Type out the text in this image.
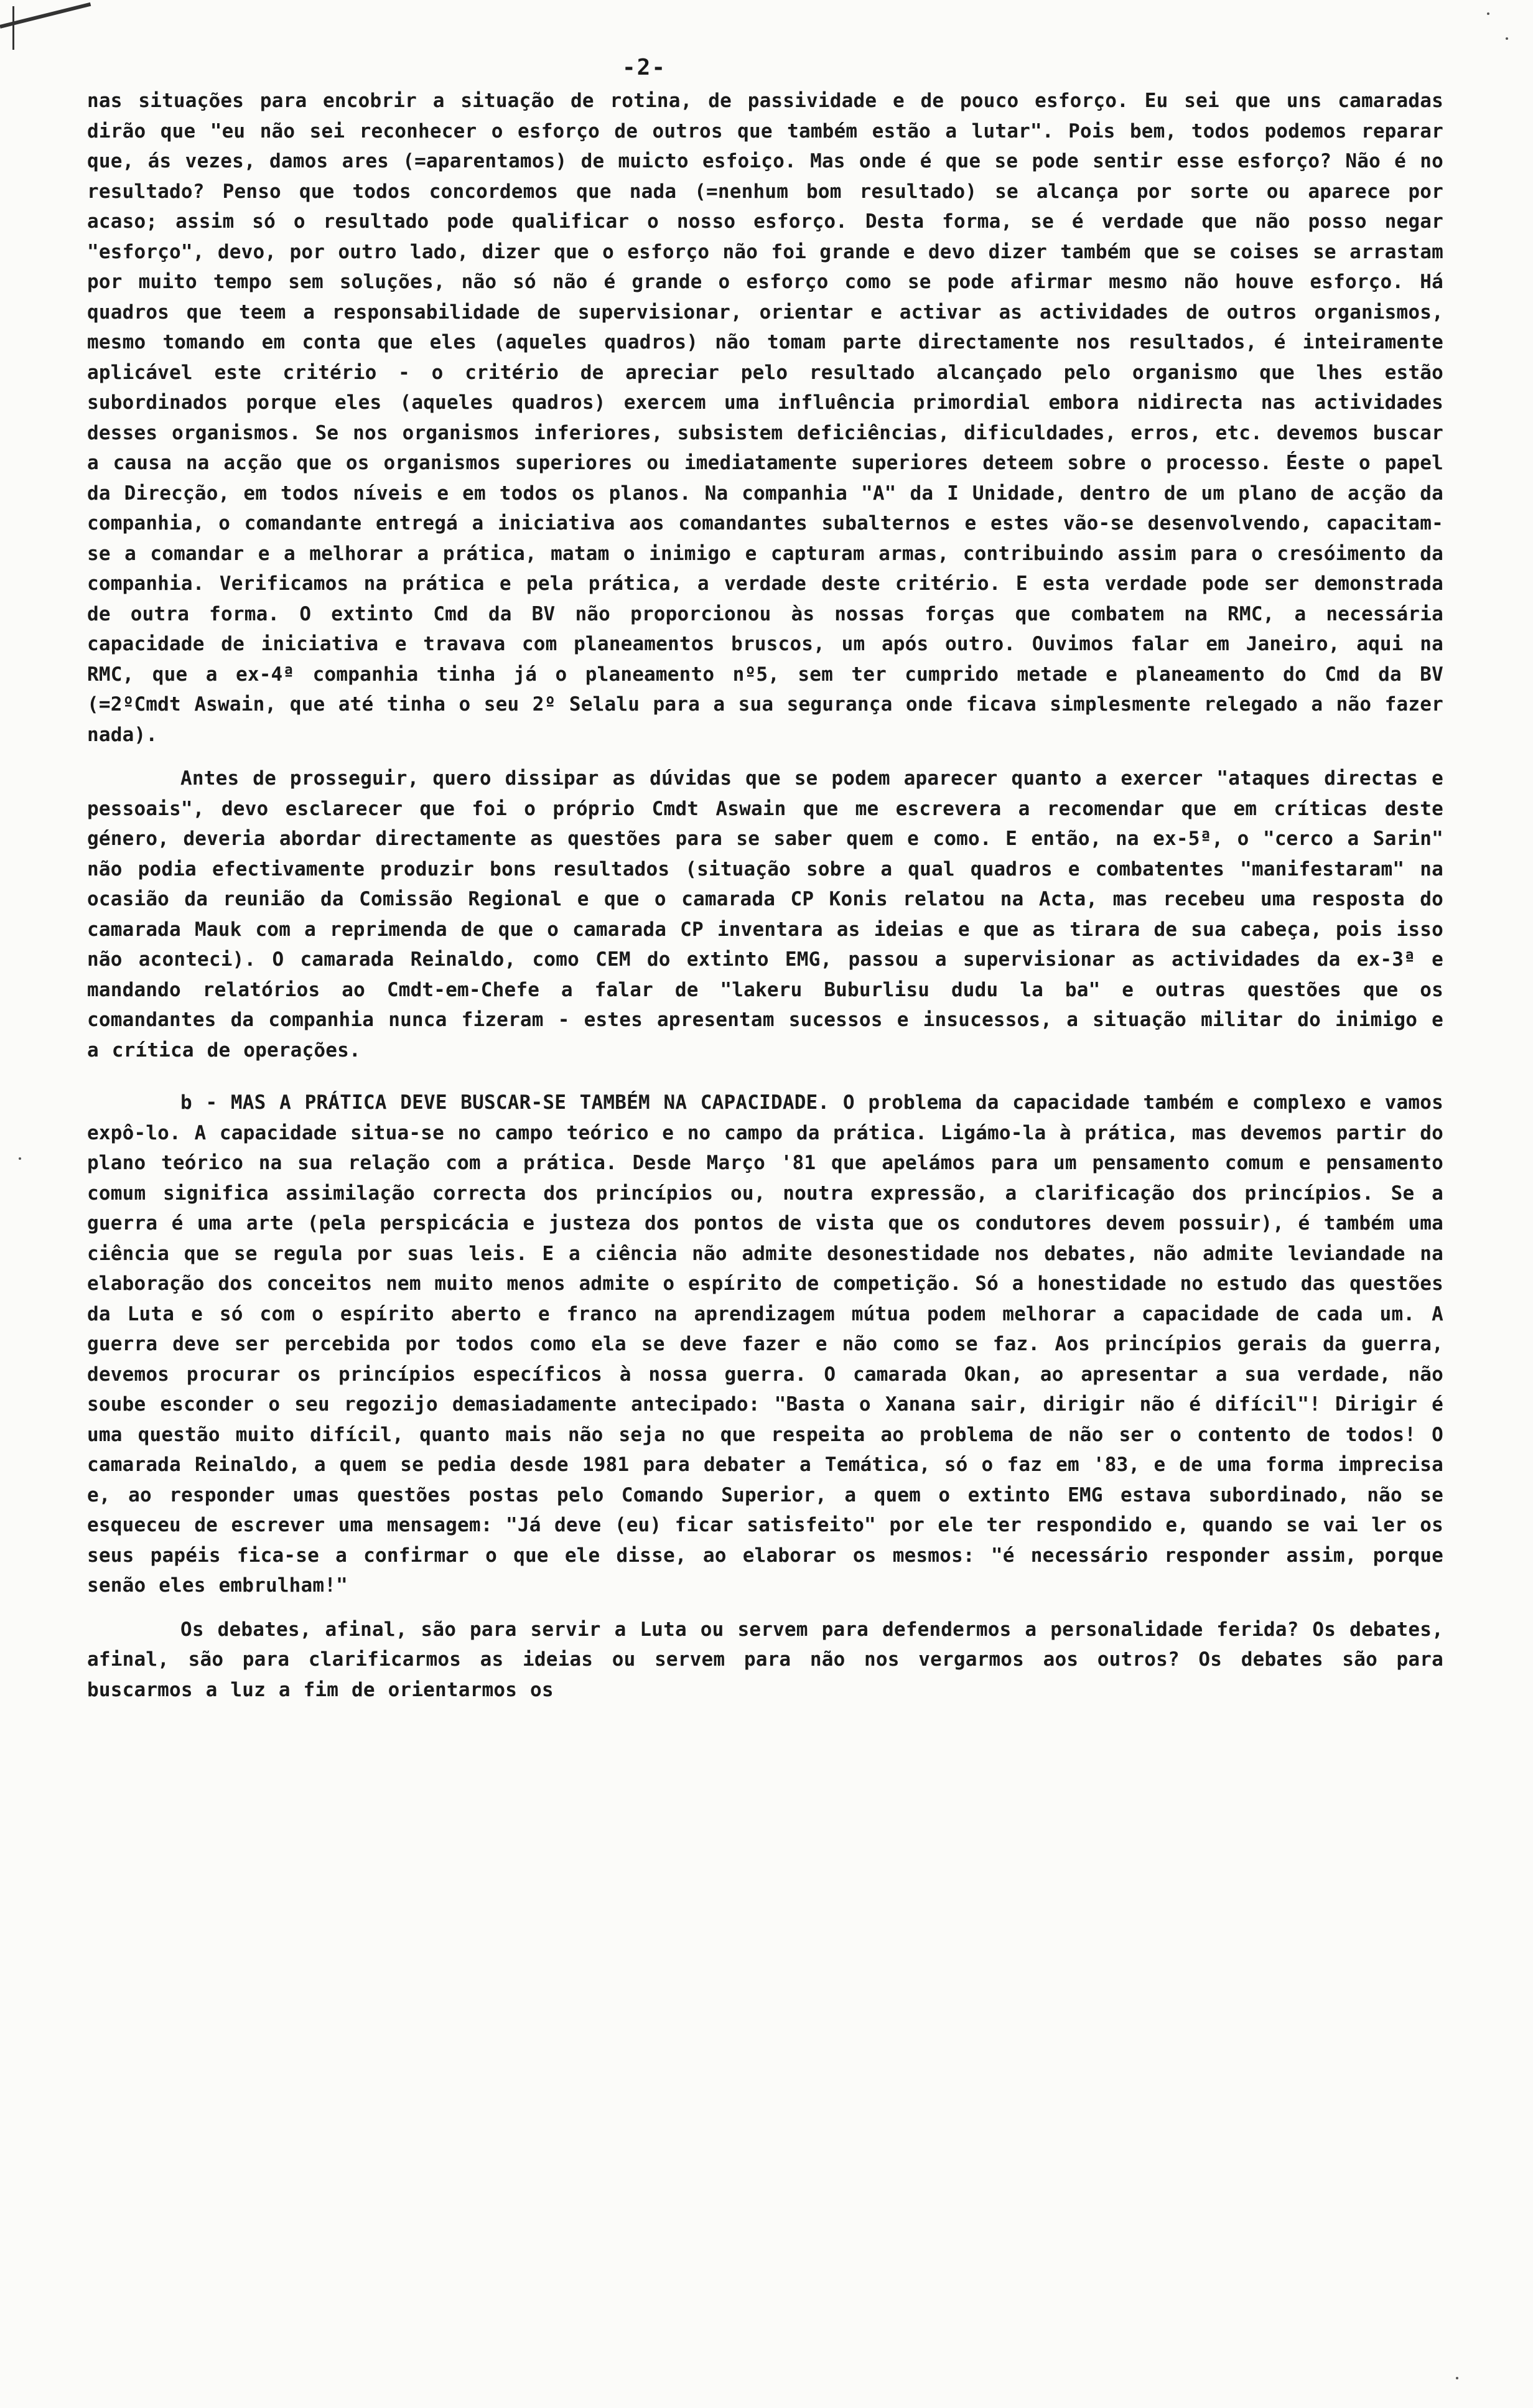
-2-

nas situações para encobrir a situação de rotina, de passividade e de pouco esforço. Eu sei que uns camaradas dirão que "eu não sei reconhecer o esforço de outros que também estão a lutar". Pois bem, todos podemos reparar que, ás vezes, damos ares (=aparentamos) de muicto esfoiço. Mas onde é que se pode sentir esse esforço? Não é no resultado? Penso que todos concordemos que nada (=nenhum bom resultado) se alcança por sorte ou aparece por acaso; assim só o resultado pode qualificar o nosso esforço. Desta forma, se é verdade que não posso negar "esforço", devo, por outro lado, dizer que o esforço não foi grande e devo dizer também que se coises se arrastam por muito tempo sem soluções, não só não é grande o esforço como se pode afirmar mesmo não houve esforço. Há quadros que teem a responsabilidade de supervisionar, orientar e activar as actividades de outros organismos, mesmo tomando em conta que eles (aqueles quadros) não tomam parte directamente nos resultados, é inteiramente aplicável este critério - o critério de apreciar pelo resultado alcançado pelo organismo que lhes estão subordinados porque eles (aqueles quadros) exercem uma influência primordial embora nidirecta nas actividades desses organismos. Se nos organismos inferiores, subsistem deficiências, dificuldades, erros, etc. devemos buscar a causa na acção que os organismos superiores ou imediatamente superiores deteem sobre o processo. Éeste o papel da Direcção, em todos níveis e em todos os planos. Na companhia "A" da I Unidade, dentro de um plano de acção da companhia, o comandante entregá a iniciativa aos comandantes subalternos e estes vão-se desenvolvendo, capacitam-se a comandar e a melhorar a prática, matam o inimigo e capturam armas, contribuindo assim para o cresóimento da companhia. Verificamos na prática e pela prática, a verdade deste critério. E esta verdade pode ser demonstrada de outra forma. O extinto Cmd da BV não proporcionou às nossas forças que combatem na RMC, a necessária capacidade de iniciativa e travava com planeamentos bruscos, um após outro. Ouvimos falar em Janeiro, aqui na RMC, que a ex-4ª companhia tinha já o planeamento nº5, sem ter cumprido metade e planeamento do Cmd da BV (=2ºCmdt Aswain, que até tinha o seu 2º Selalu para a sua segurança onde ficava simplesmente relegado a não fazer nada).

Antes de prosseguir, quero dissipar as dúvidas que se podem aparecer quanto a exercer "ataques directas e pessoais", devo esclarecer que foi o próprio Cmdt Aswain que me escrevera a recomendar que em críticas deste género, deveria abordar directamente as questões para se saber quem e como. E então, na ex-5ª, o "cerco a Sarin" não podia efectivamente produzir bons resultados (situação sobre a qual quadros e combatentes "manifestaram" na ocasião da reunião da Comissão Regional e que o camarada CP Konis relatou na Acta, mas recebeu uma resposta do camarada Mauk com a reprimenda de que o camarada CP inventara as ideias e que as tirara de sua cabeça, pois isso não aconteci). O camarada Reinaldo, como CEM do extinto EMG, passou a supervisionar as actividades da ex-3ª e mandando relatórios ao Cmdt-em-Chefe a falar de "lakeru Buburlisu dudu la ba" e outras questões que os comandantes da companhia nunca fizeram - estes apresentam sucessos e insucessos, a situação militar do inimigo e a crítica de operações.

b - MAS A PRÁTICA DEVE BUSCAR-SE TAMBÉM NA CAPACIDADE. O problema da capacidade também e complexo e vamos expô-lo. A capacidade situa-se no campo teórico e no campo da prática. Ligámo-la à prática, mas devemos partir do plano teórico na sua relação com a prática. Desde Março '81 que apelámos para um pensamento comum e pensamento comum significa assimilação correcta dos princípios ou, noutra expressão, a clarificação dos princípios. Se a guerra é uma arte (pela perspicácia e justeza dos pontos de vista que os condutores devem possuir), é também uma ciência que se regula por suas leis. E a ciência não admite desonestidade nos debates, não admite leviandade na elaboração dos conceitos nem muito menos admite o espírito de competição. Só a honestidade no estudo das questões da Luta e só com o espírito aberto e franco na aprendizagem mútua podem melhorar a capacidade de cada um. A guerra deve ser percebida por todos como ela se deve fazer e não como se faz. Aos princípios gerais da guerra, devemos procurar os princípios específicos à nossa guerra. O camarada Okan, ao apresentar a sua verdade, não soube esconder o seu regozijo demasiadamente antecipado: "Basta o Xanana sair, dirigir não é difícil"! Dirigir é uma questão muito difícil, quanto mais não seja no que respeita ao problema de não ser o contento de todos! O camarada Reinaldo, a quem se pedia desde 1981 para debater a Temática, só o faz em '83, e de uma forma imprecisa e, ao responder umas questões postas pelo Comando Superior, a quem o extinto EMG estava subordinado, não se esqueceu de escrever uma mensagem: "Já deve (eu) ficar satisfeito" por ele ter respondido e, quando se vai ler os seus papéis fica-se a confirmar o que ele disse, ao elaborar os mesmos: "é necessário responder assim, porque senão eles embrulham!"

Os debates, afinal, são para servir a Luta ou servem para defendermos a personalidade ferida? Os debates, afinal, são para clarificarmos as ideias ou servem para não nos vergarmos aos outros? Os debates são para buscarmos a luz a fim de orientarmos os
